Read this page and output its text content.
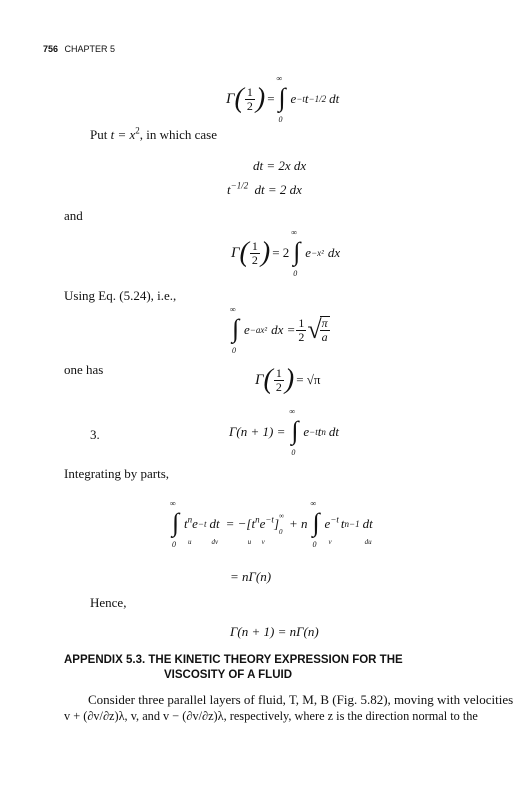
756 CHAPTER 5
Γ ( $\frac{1}{2}$ ) =
∞
∫
0
e −t t −1/2 dt
Put $t = x^2$, in which case
dt = 2x dx
$t^{-1/2}$ dt = 2 dx
and
Γ ( $\frac{1}{2}$ ) = 2
∞
∫
0
e −x² dx
Using Eq. (5.24), i.e.,
∞
∫
0
e −ax² dx = $\frac{1}{2}$ √
$\frac{\pi}{a}$
one has
Γ ( $\frac{1}{2}$ ) = √π
3.	Γ(n + 1) =
∞
∫
0
e −t t n dt
Integrating by parts,
∞
∫
0
$t^n$
u
e −t dt
dv
= $-[t^n$
u
$e^{-t}$
v
] ∞
0
+ n
∞
∫
0
$e^{-t}$
v
t n−1 dt
du
= nΓ(n)
Hence,
Γ(n + 1) = nΓ(n)
APPENDIX 5.3. THE KINETIC THEORY EXPRESSION FOR THE
VISCOSITY OF A FLUID

Consider three parallel layers of fluid, T, M, B (Fig. 5.82), moving with velocities

v + (∂v/∂z)λ, v, and v − (∂v/∂z)λ, respectively, where z is the direction normal to the
